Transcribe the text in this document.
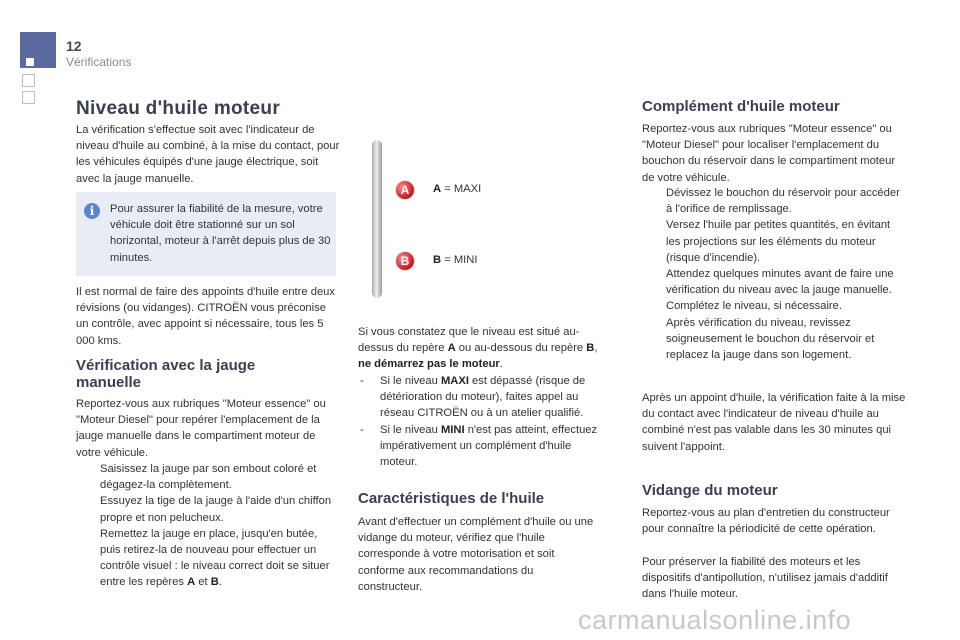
12
Vérifications
Niveau d'huile moteur

La vérification s'effectue soit avec l'indicateur de niveau d'huile au combiné, à la mise du contact, pour les véhicules équipés d'une jauge électrique, soit avec la jauge manuelle.

i	Pour assurer la fiabilité de la mesure, votre véhicule doit être stationné sur un sol horizontal, moteur à l'arrêt depuis plus de 30 minutes.

Il est normal de faire des appoints d'huile entre deux révisions (ou vidanges). CITROËN vous préconise un contrôle, avec appoint si nécessaire, tous les 5 000 kms.

Vérification avec la jauge
manuelle

Reportez-vous aux rubriques "Moteur essence" ou "Moteur Diesel" pour repérer l'emplacement de la jauge manuelle dans le compartiment moteur de votre véhicule.

Saisissez la jauge par son embout coloré et dégagez-la complètement.
Essuyez la tige de la jauge à l'aide d'un chiffon propre et non pelucheux.
Remettez la jauge en place, jusqu'en butée, puis retirez-la de nouveau pour effectuer un contrôle visuel : le niveau correct doit se situer entre les repères A et B.
A
B
A = MAXI
B = MINI

Si vous constatez que le niveau est situé au-dessus du repère A ou au-dessous du repère B, ne démarrez pas le moteur.

- Si le niveau MAXI est dépassé (risque de détérioration du moteur), faites appel au réseau CITROËN ou à un atelier qualifié.
- Si le niveau MINI n'est pas atteint, effectuez impérativement un complément d'huile moteur.
Caractéristiques de l'huile

Avant d'effectuer un complément d'huile ou une vidange du moteur, vérifiez que l'huile corresponde à votre motorisation et soit conforme aux recommandations du constructeur.

Complément d'huile moteur

Reportez-vous aux rubriques "Moteur essence" ou "Moteur Diesel" pour localiser l'emplacement du bouchon du réservoir dans le compartiment moteur de votre véhicule.

Dévissez le bouchon du réservoir pour accéder à l'orifice de remplissage.
Versez l'huile par petites quantités, en évitant les projections sur les éléments du moteur (risque d'incendie).
Attendez quelques minutes avant de faire une vérification du niveau avec la jauge manuelle.
Complétez le niveau, si nécessaire.
Après vérification du niveau, revissez soigneusement le bouchon du réservoir et replacez la jauge dans son logement.

Après un appoint d'huile, la vérification faite à la mise du contact avec l'indicateur de niveau d'huile au combiné n'est pas valable dans les 30 minutes qui suivent l'appoint.

Vidange du moteur

Reportez-vous au plan d'entretien du constructeur pour connaître la périodicité de cette opération.

Pour préserver la fiabilité des moteurs et les dispositifs d'antipollution, n'utilisez jamais d'additif dans l'huile moteur.

carmanualsonline.info
